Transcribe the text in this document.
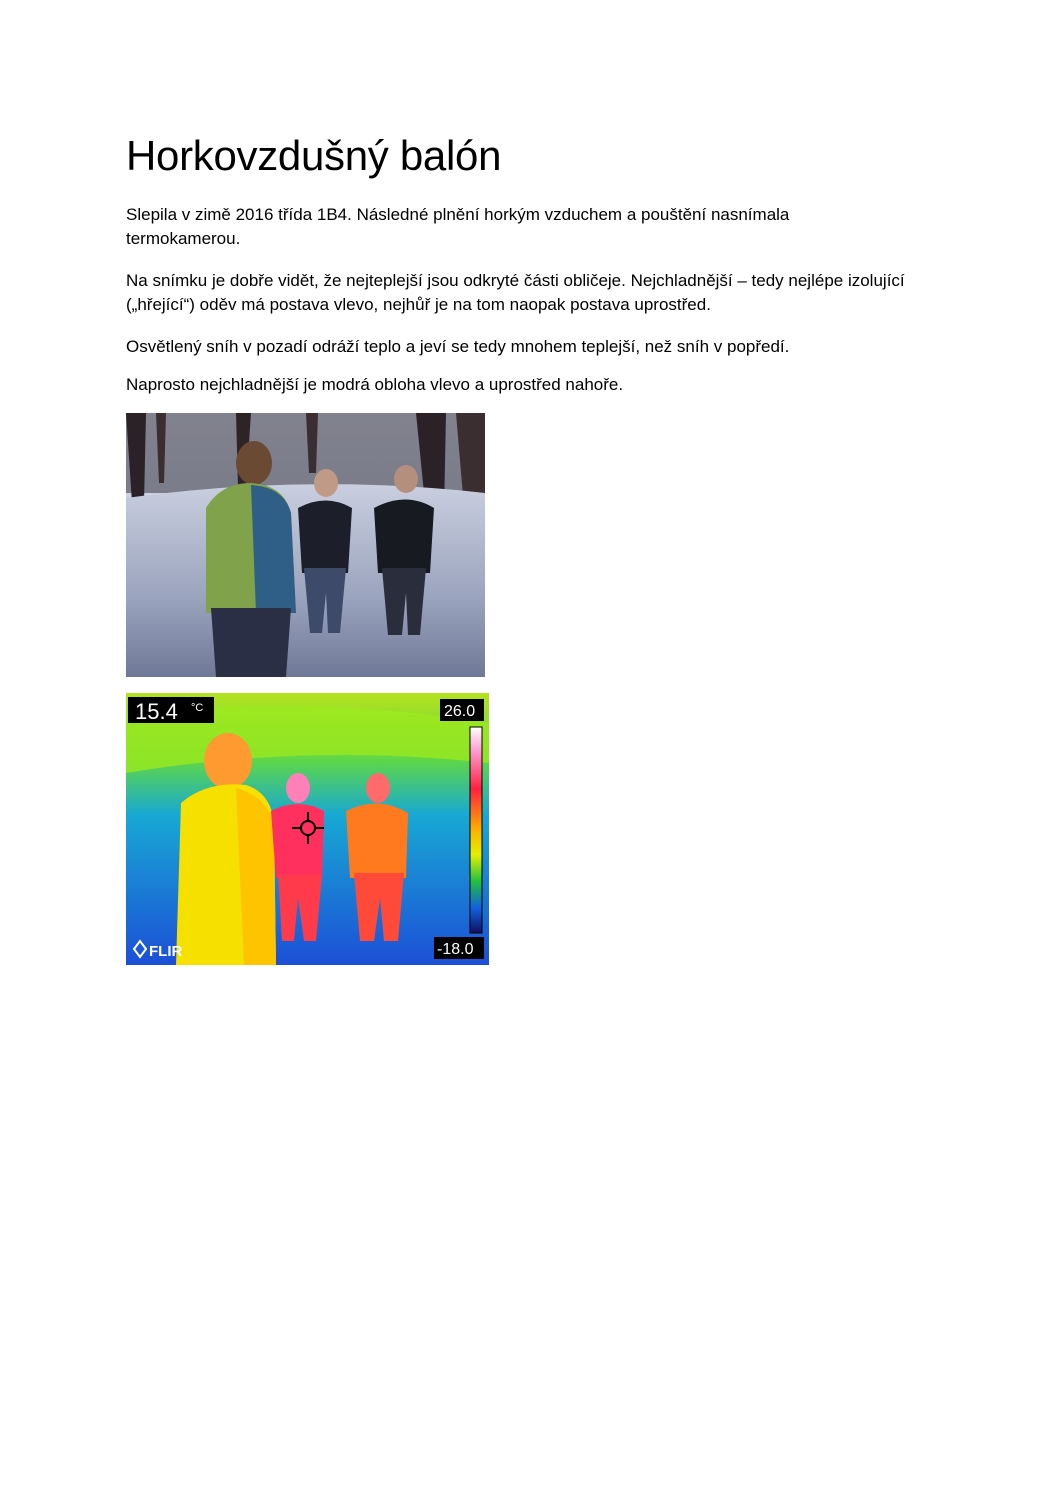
Horkovzdušný balón

Slepila v zimě 2016 třída 1B4. Následné plnění horkým vzduchem a pouštění nasnímala termokamerou.

Na snímku je dobře vidět, že nejteplejší jsou odkryté části obličeje. Nejchladnější – tedy nejlépe izolující („hřející“) oděv má postava vlevo, nejhůř je na tom naopak postava uprostřed.

Osvětlený sníh v pozadí odráží teplo a jeví se tedy mnohem teplejší, než sníh v popředí.

Naprosto nejchladnější je modrá obloha vlevo a uprostřed nahoře.

15.4 °C	26.0
-18.0
FLIR
